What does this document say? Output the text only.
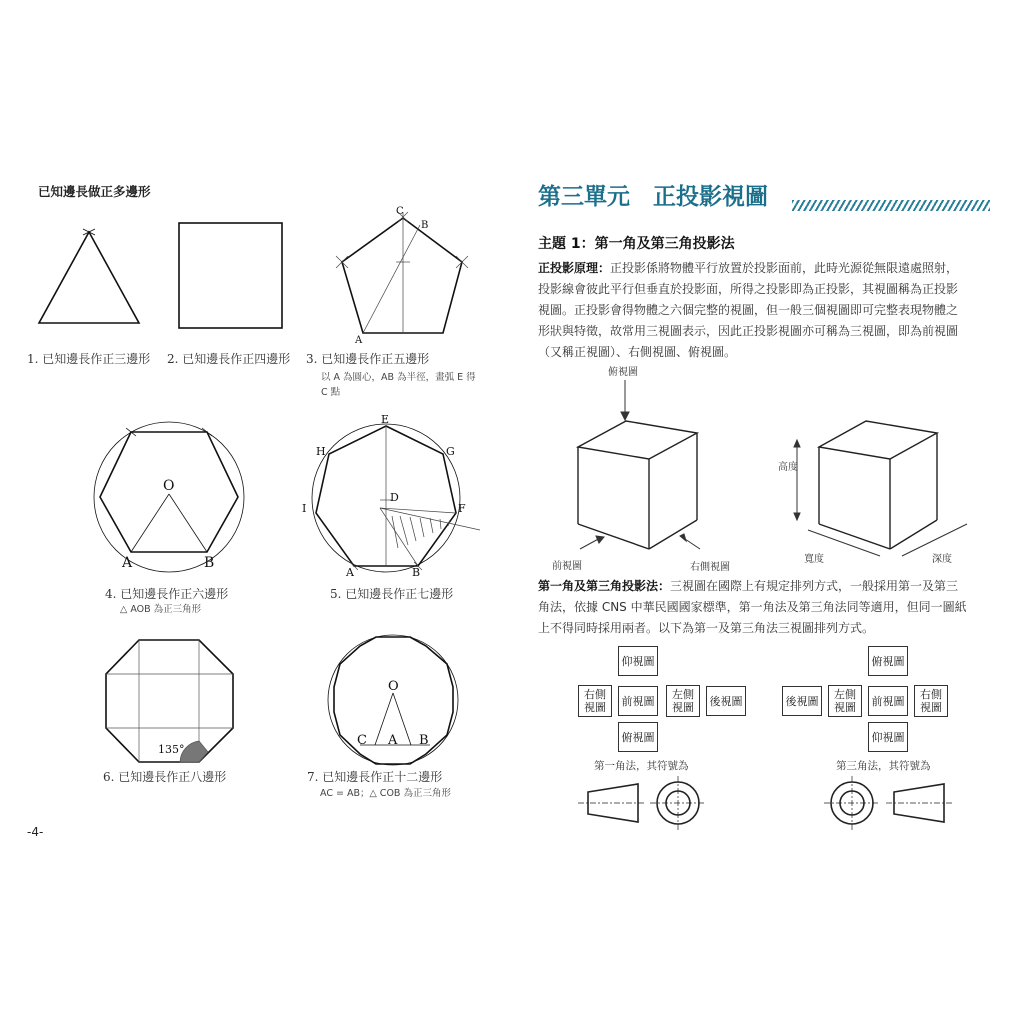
已知邊長做正多邊形
C
B
A
O
A	B
E
H	G
I
D
F
A	B
135°
O
C A B
1. 已知邊長作正三邊形 2. 已知邊長作正四邊形 3. 已知邊長作正五邊形
以 A 為圓心，AB 為半徑，畫弧 E 得
C 點
4. 已知邊長作正六邊形
△ AOB 為正三角形
5. 已知邊長作正七邊形
6. 已知邊長作正八邊形	7. 已知邊長作正十二邊形
AC = AB；△ COB 為正三角形
-4-
第三單元　正投影視圖
主題 1：第一角及第三角投影法
正投影原理：正投影係將物體平行放置於投影面前，此時光源從無限遠處照射，
投影線會彼此平行但垂直於投影面，所得之投影即為正投影，其視圖稱為正投影
視圖。正投影會得物體之六個完整的視圖，但一般三個視圖即可完整表現物體之
形狀與特徵，故常用三視圖表示，因此正投影視圖亦可稱為三視圖，即為前視圖
（又稱正視圖）、右側視圖、俯視圖。
俯視圖
前視圖	右側視圖
高度
寬度	深度
第一角及第三角投影法：三視圖在國際上有規定排列方式，一般採用第一及第三
角法，依據 CNS 中華民國國家標準，第一角法及第三角法同等適用，但同一圖紙
上不得同時採用兩者。以下為第一及第三角法三視圖排列方式。
仰視圖
右側視圖	前視圖	左側視圖	後視圖
俯視圖
第一角法，其符號為
俯視圖
後視圖	左側視圖	前視圖	右側視圖
仰視圖
第三角法，其符號為
